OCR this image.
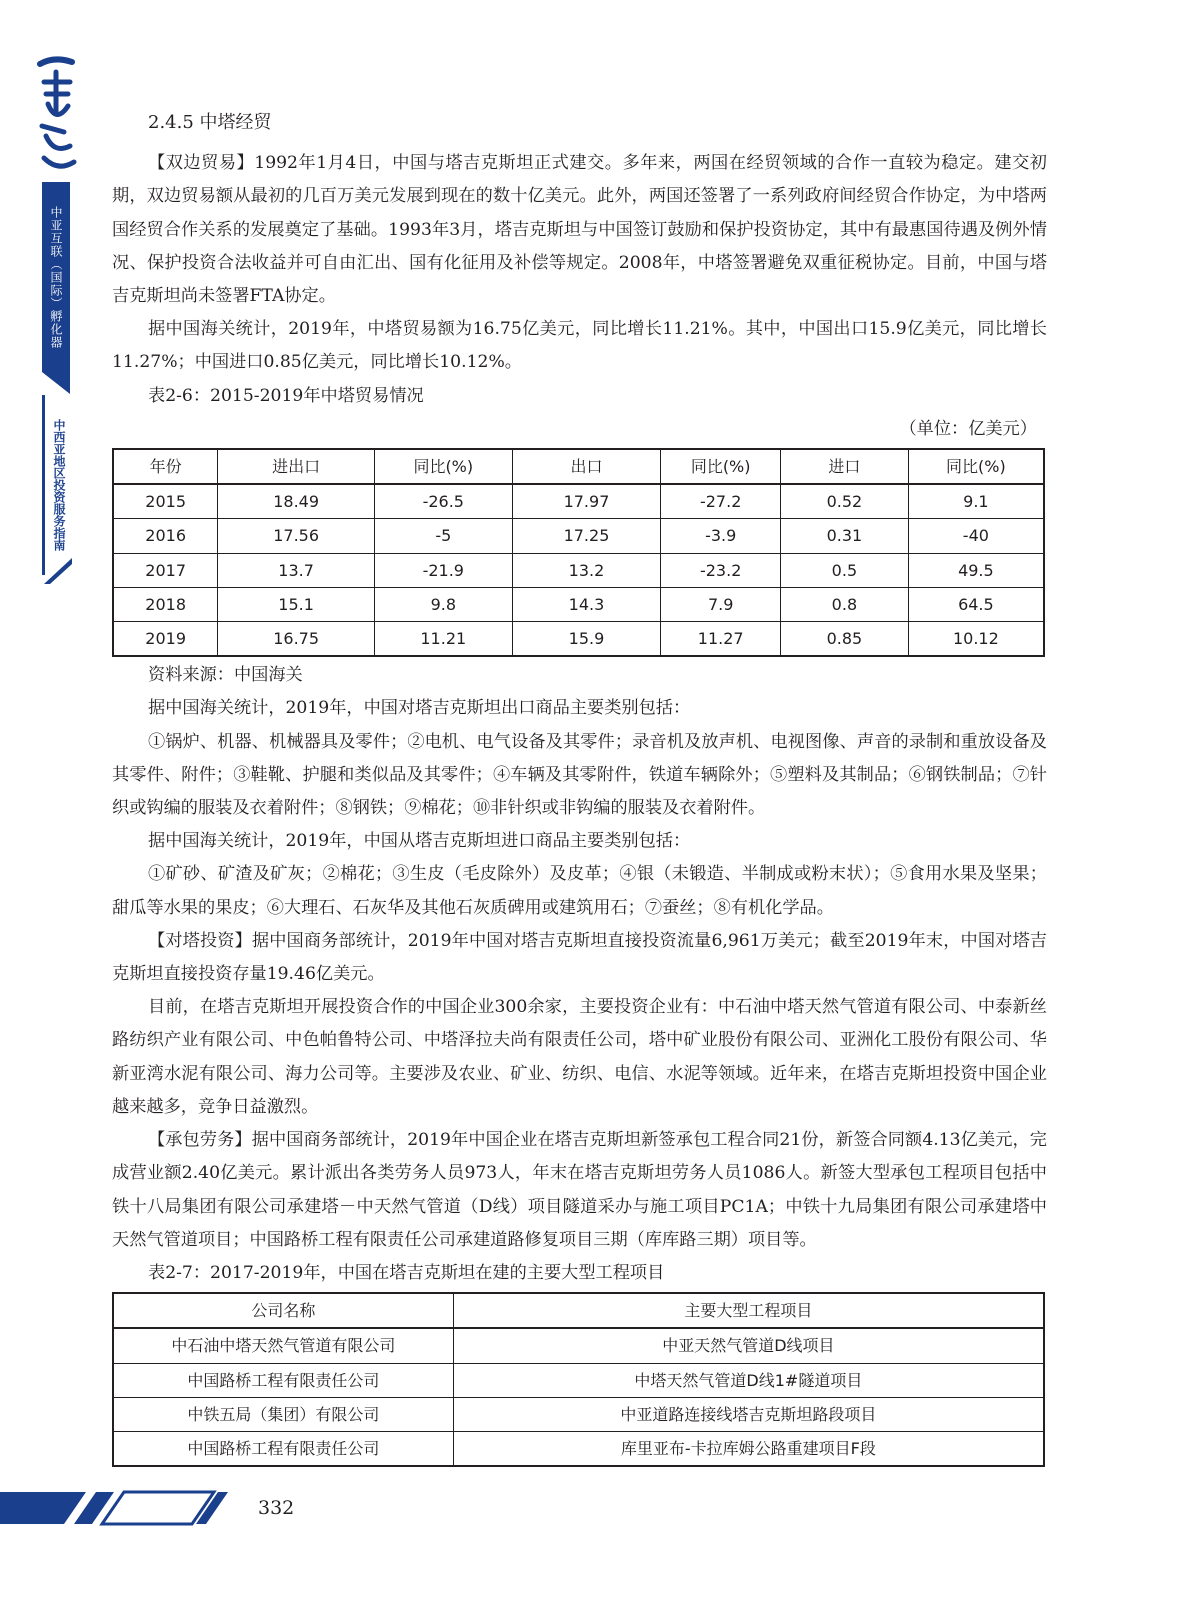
中亚互联（国际）孵化器
中西亚地区投资服务指南

2.4.5 中塔经贸

【双边贸易】1992年1月4日，中国与塔吉克斯坦正式建交。多年来，两国在经贸领域的合作一直较为稳定。建交初期，双边贸易额从最初的几百万美元发展到现在的数十亿美元。此外，两国还签署了一系列政府间经贸合作协定，为中塔两国经贸合作关系的发展奠定了基础。1993年3月，塔吉克斯坦与中国签订鼓励和保护投资协定，其中有最惠国待遇及例外情况、保护投资合法收益并可自由汇出、国有化征用及补偿等规定。2008年，中塔签署避免双重征税协定。目前，中国与塔吉克斯坦尚未签署FTA协定。

据中国海关统计，2019年，中塔贸易额为16.75亿美元，同比增长11.21%。其中，中国出口15.9亿美元，同比增长11.27%；中国进口0.85亿美元，同比增长10.12%。

表2-6：2015-2019年中塔贸易情况

（单位：亿美元）

年份	进出口	同比(%)	出口	同比(%)	进口	同比(%)
2015	18.49	-26.5	17.97	-27.2	0.52	9.1
2016	17.56	-5	17.25	-3.9	0.31	-40
2017	13.7	-21.9	13.2	-23.2	0.5	49.5
2018	15.1	9.8	14.3	7.9	0.8	64.5
2019	16.75	11.21	15.9	11.27	0.85	10.12

资料来源：中国海关

据中国海关统计，2019年，中国对塔吉克斯坦出口商品主要类别包括：

①锅炉、机器、机械器具及零件；②电机、电气设备及其零件；录音机及放声机、电视图像、声音的录制和重放设备及其零件、附件；③鞋靴、护腿和类似品及其零件；④车辆及其零附件，铁道车辆除外；⑤塑料及其制品；⑥钢铁制品；⑦针织或钩编的服装及衣着附件；⑧钢铁；⑨棉花；⑩非针织或非钩编的服装及衣着附件。

据中国海关统计，2019年，中国从塔吉克斯坦进口商品主要类别包括：

①矿砂、矿渣及矿灰；②棉花；③生皮（毛皮除外）及皮革；④银（未锻造、半制成或粉末状）；⑤食用水果及坚果；甜瓜等水果的果皮；⑥大理石、石灰华及其他石灰质碑用或建筑用石；⑦蚕丝；⑧有机化学品。

【对塔投资】据中国商务部统计，2019年中国对塔吉克斯坦直接投资流量6,961万美元；截至2019年末，中国对塔吉克斯坦直接投资存量19.46亿美元。

目前，在塔吉克斯坦开展投资合作的中国企业300余家，主要投资企业有：中石油中塔天然气管道有限公司、中泰新丝路纺织产业有限公司、中色帕鲁特公司、中塔泽拉夫尚有限责任公司，塔中矿业股份有限公司、亚洲化工股份有限公司、华新亚湾水泥有限公司、海力公司等。主要涉及农业、矿业、纺织、电信、水泥等领域。近年来，在塔吉克斯坦投资中国企业越来越多，竞争日益激烈。

【承包劳务】据中国商务部统计，2019年中国企业在塔吉克斯坦新签承包工程合同21份，新签合同额4.13亿美元，完成营业额2.40亿美元。累计派出各类劳务人员973人，年末在塔吉克斯坦劳务人员1086人。新签大型承包工程项目包括中铁十八局集团有限公司承建塔－中天然气管道（D线）项目隧道采办与施工项目PC1A；中铁十九局集团有限公司承建塔中天然气管道项目；中国路桥工程有限责任公司承建道路修复项目三期（库库路三期）项目等。

表2-7：2017-2019年，中国在塔吉克斯坦在建的主要大型工程项目

公司名称	主要大型工程项目
中石油中塔天然气管道有限公司	中亚天然气管道D线项目
中国路桥工程有限责任公司	中塔天然气管道D线1#隧道项目
中铁五局（集团）有限公司	中亚道路连接线塔吉克斯坦路段项目
中国路桥工程有限责任公司	库里亚布-卡拉库姆公路重建项目F段
332
